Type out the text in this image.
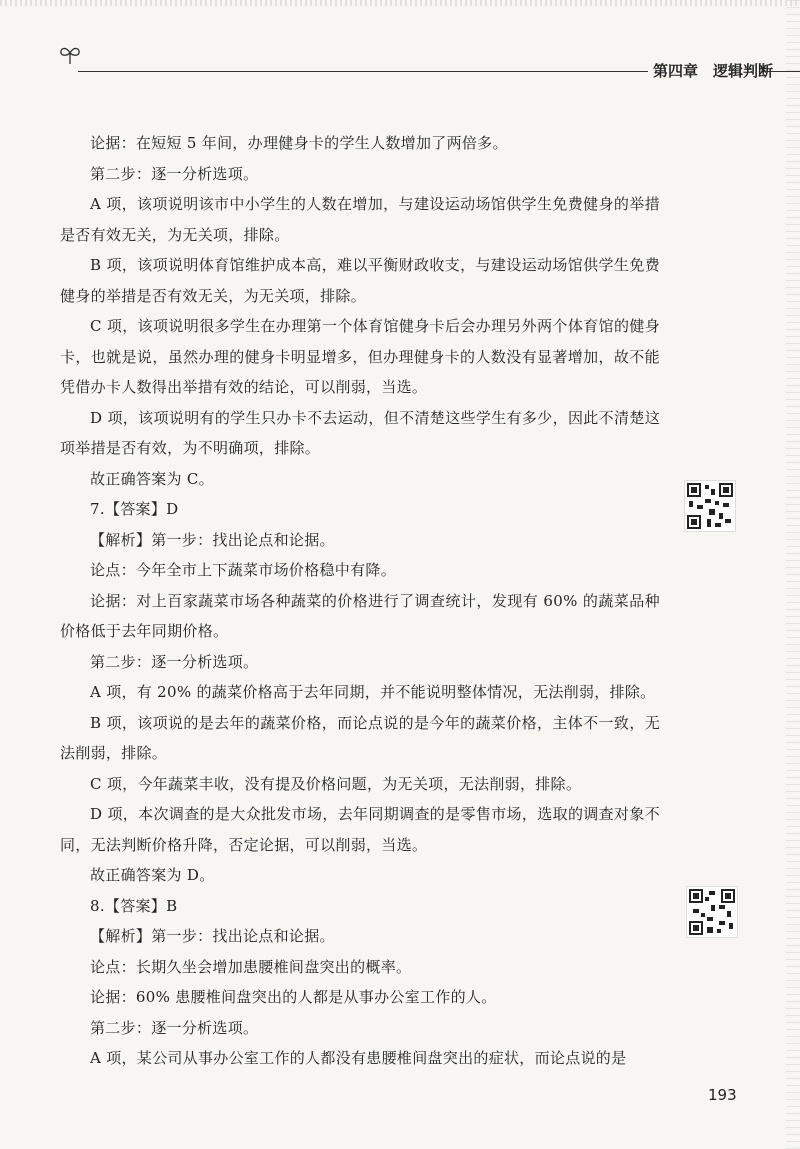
第四章　逻辑判断

论据：在短短 5 年间，办理健身卡的学生人数增加了两倍多。

第二步：逐一分析选项。

A 项，该项说明该市中小学生的人数在增加，与建设运动场馆供学生免费健身的举措是否有效无关，为无关项，排除。

B 项，该项说明体育馆维护成本高，难以平衡财政收支，与建设运动场馆供学生免费健身的举措是否有效无关，为无关项，排除。

C 项，该项说明很多学生在办理第一个体育馆健身卡后会办理另外两个体育馆的健身卡，也就是说，虽然办理的健身卡明显增多，但办理健身卡的人数没有显著增加，故不能凭借办卡人数得出举措有效的结论，可以削弱，当选。

D 项，该项说明有的学生只办卡不去运动，但不清楚这些学生有多少，因此不清楚这项举措是否有效，为不明确项，排除。

故正确答案为 C。

7.【答案】D

【解析】第一步：找出论点和论据。

论点：今年全市上下蔬菜市场价格稳中有降。

论据：对上百家蔬菜市场各种蔬菜的价格进行了调查统计，发现有 60% 的蔬菜品种价格低于去年同期价格。

第二步：逐一分析选项。

A 项，有 20% 的蔬菜价格高于去年同期，并不能说明整体情况，无法削弱，排除。

B 项，该项说的是去年的蔬菜价格，而论点说的是今年的蔬菜价格，主体不一致，无法削弱，排除。

C 项，今年蔬菜丰收，没有提及价格问题，为无关项，无法削弱，排除。

D 项，本次调查的是大众批发市场，去年同期调查的是零售市场，选取的调查对象不同，无法判断价格升降，否定论据，可以削弱，当选。

故正确答案为 D。

8.【答案】B

【解析】第一步：找出论点和论据。

论点：长期久坐会增加患腰椎间盘突出的概率。

论据：60% 患腰椎间盘突出的人都是从事办公室工作的人。

第二步：逐一分析选项。

A 项，某公司从事办公室工作的人都没有患腰椎间盘突出的症状，而论点说的是

193
